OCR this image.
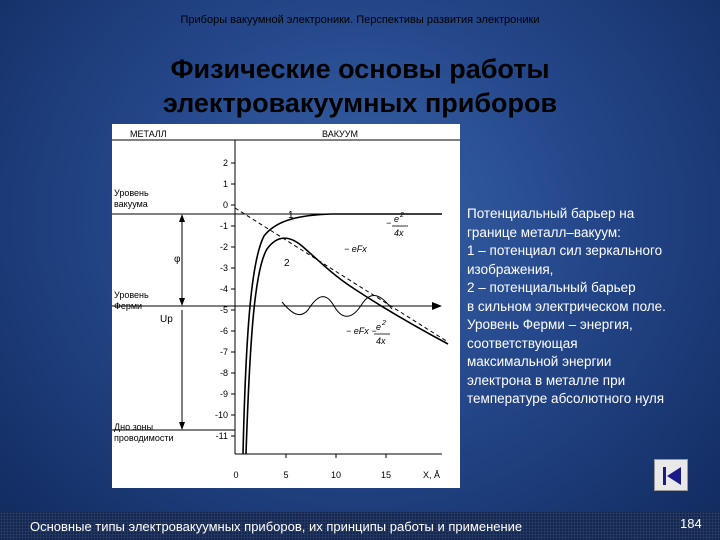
Приборы вакуумной электроники. Перспективы развития электроники
Физические основы работы
электровакуумных приборов
МЕТАЛЛ	ВАКУУМ
2
1
0
-1
-2
-3
-4
-5
-6
-7
-8
-9
-10
-11
0	5	10	15	X, Å
φ
Up
Уровень
вакуума
Уровень
Ферми
Дно зоны
проводимости
1
2
− e 2
4x
− eFx
− eFx − e 2
4x
Потенциальный барьер на
границе металл–вакуум:
1 – потенциал сил зеркального
изображения,
2 – потенциальный барьер
в сильном электрическом поле.
Уровень Ферми – энергия,
соответствующая
максимальной энергии
электрона в металле при
температуре абсолютного нуля
Основные типы электровакуумных приборов, их принципы работы и применение	184
